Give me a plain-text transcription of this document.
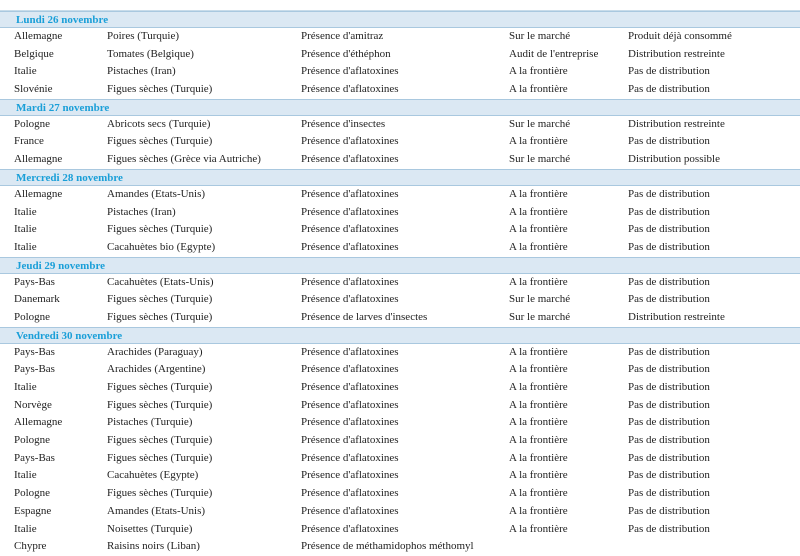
Lundi 26 novembre
Allemagne	Poires (Turquie)	Présence d'amitraz	Sur le marché	Produit déjà consommé
Belgique	Tomates (Belgique)	Présence d'éthéphon	Audit de l'entreprise	Distribution restreinte
Italie	Pistaches (Iran)	Présence d'aflatoxines	A la frontière	Pas de distribution
Slovénie	Figues sèches (Turquie)	Présence d'aflatoxines	A la frontière	Pas de distribution
Mardi 27 novembre
Pologne	Abricots secs (Turquie)	Présence d'insectes	Sur le marché	Distribution restreinte
France	Figues sèches (Turquie)	Présence d'aflatoxines	A la frontière	Pas de distribution
Allemagne	Figues sèches (Grèce via Autriche)	Présence d'aflatoxines	Sur le marché	Distribution possible
Mercredi 28 novembre
Allemagne	Amandes (Etats-Unis)	Présence d'aflatoxines	A la frontière	Pas de distribution
Italie	Pistaches (Iran)	Présence d'aflatoxines	A la frontière	Pas de distribution
Italie	Figues sèches (Turquie)	Présence d'aflatoxines	A la frontière	Pas de distribution
Italie	Cacahuètes bio (Egypte)	Présence d'aflatoxines	A la frontière	Pas de distribution
Jeudi 29 novembre
Pays-Bas	Cacahuètes (Etats-Unis)	Présence d'aflatoxines	A la frontière	Pas de distribution
Danemark	Figues sèches (Turquie)	Présence d'aflatoxines	Sur le marché	Pas de distribution
Pologne	Figues sèches (Turquie)	Présence de larves d'insectes	Sur le marché	Distribution restreinte
Vendredi 30 novembre
Pays-Bas	Arachides (Paraguay)	Présence d'aflatoxines	A la frontière	Pas de distribution
Pays-Bas	Arachides (Argentine)	Présence d'aflatoxines	A la frontière	Pas de distribution
Italie	Figues sèches (Turquie)	Présence d'aflatoxines	A la frontière	Pas de distribution
Norvège	Figues sèches (Turquie)	Présence d'aflatoxines	A la frontière	Pas de distribution
Allemagne	Pistaches (Turquie)	Présence d'aflatoxines	A la frontière	Pas de distribution
Pologne	Figues sèches (Turquie)	Présence d'aflatoxines	A la frontière	Pas de distribution
Pays-Bas	Figues sèches (Turquie)	Présence d'aflatoxines	A la frontière	Pas de distribution
Italie	Cacahuètes (Egypte)	Présence d'aflatoxines	A la frontière	Pas de distribution
Pologne	Figues sèches (Turquie)	Présence d'aflatoxines	A la frontière	Pas de distribution
Espagne	Amandes (Etats-Unis)	Présence d'aflatoxines	A la frontière	Pas de distribution
Italie	Noisettes (Turquie)	Présence d'aflatoxines	A la frontière	Pas de distribution
Chypre	Raisins noirs (Liban)	Présence de méthamidophos méthomyl
